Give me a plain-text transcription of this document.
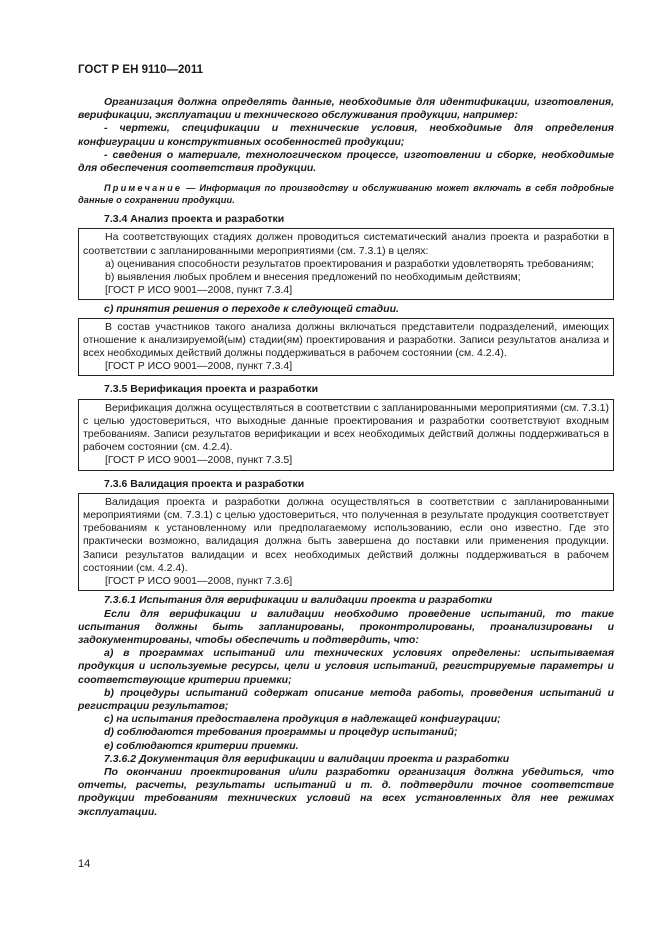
ГОСТ Р ЕН 9110—2011

Организация должна определять данные, необходимые для идентификации, изготовления, верификации, эксплуатации и технического обслуживания продукции, например:

- чертежи, спецификации и технические условия, необходимые для определения конфигурации и конструктивных особенностей продукции;

- сведения о материале, технологическом процессе, изготовлении и сборке, необходимые для обеспечения соответствия продукции.

Примечание — Информация по производству и обслуживанию может включать в себя подробные данные о сохранении продукции.

7.3.4 Анализ проекта и разработки

На соответствующих стадиях должен проводиться систематический анализ проекта и разработки в соответствии с запланированными мероприятиями (см. 7.3.1) в целях:

a) оценивания способности результатов проектирования и разработки удовлетворять требованиям;

b) выявления любых проблем и внесения предложений по необходимым действиям;

[ГОСТ Р ИСО 9001—2008, пункт 7.3.4]

c) принятия решения о переходе к следующей стадии.

В состав участников такого анализа должны включаться представители подразделений, имеющих отношение к анализируемой(ым) стадии(ям) проектирования и разработки. Записи результатов анализа и всех необходимых действий должны поддерживаться в рабочем состоянии (см. 4.2.4).

[ГОСТ Р ИСО 9001—2008, пункт 7.3.4]

7.3.5 Верификация проекта и разработки

Верификация должна осуществляться в соответствии с запланированными мероприятиями (см. 7.3.1) с целью удостовериться, что выходные данные проектирования и разработки соответствуют входным требованиям. Записи результатов верификации и всех необходимых действий должны поддерживаться в рабочем состоянии (см. 4.2.4).

[ГОСТ Р ИСО 9001—2008, пункт 7.3.5]

7.3.6 Валидация проекта и разработки

Валидация проекта и разработки должна осуществляться в соответствии с запланированными мероприятиями (см. 7.3.1) с целью удостовериться, что полученная в результате продукция соответствует требованиям к установленному или предполагаемому использованию, если оно известно. Где это практически возможно, валидация должна быть завершена до поставки или применения продукции. Записи результатов валидации и всех необходимых действий должны поддерживаться в рабочем состоянии (см. 4.2.4).

[ГОСТ Р ИСО 9001—2008, пункт 7.3.6]

7.3.6.1 Испытания для верификации и валидации проекта и разработки

Если для верификации и валидации необходимо проведение испытаний, то такие испытания должны быть запланированы, проконтролированы, проанализированы и задокументированы, чтобы обеспечить и подтвердить, что:

a) в программах испытаний или технических условиях определены: испытываемая продукция и используемые ресурсы, цели и условия испытаний, регистрируемые параметры и соответствующие критерии приемки;

b) процедуры испытаний содержат описание метода работы, проведения испытаний и регистрации результатов;

c) на испытания предоставлена продукция в надлежащей конфигурации;

d) соблюдаются требования программы и процедур испытаний;

e) соблюдаются критерии приемки.

7.3.6.2 Документация для верификации и валидации проекта и разработки

По окончании проектирования и/или разработки организация должна убедиться, что отчеты, расчеты, результаты испытаний и т. д. подтвердили точное соответствие продукции требованиям технических условий на всех установленных для нее режимах эксплуатации.

14
